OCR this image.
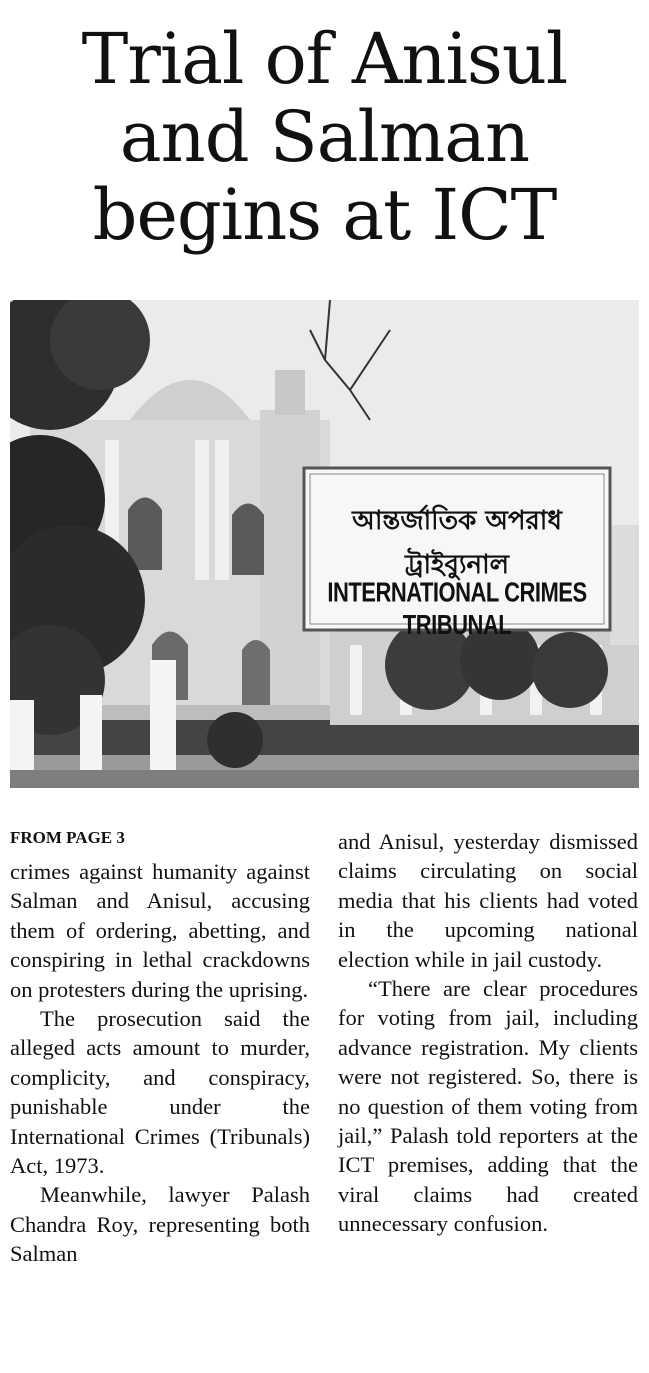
Trial of Anisul
and Salman
begins at ICT
আন্তর্জাতিক অপরাধ ট্রাইব্যুনাল
INTERNATIONAL CRIMES TRIBUNAL
FROM PAGE 3

crimes against humanity against Salman and Anisul, accusing them of ordering, abetting, and conspiring in lethal crackdowns on protesters during the uprising.

The prosecution said the alleged acts amount to murder, complicity, and conspiracy, punishable under the International Crimes (Tribunals) Act, 1973.

Meanwhile, lawyer Palash Chandra Roy, representing both Salman

and Anisul, yesterday dismissed claims circulating on social media that his clients had voted in the upcoming national election while in jail custody.

“There are clear procedures for voting from jail, including advance registration. My clients were not registered. So, there is no question of them voting from jail,” Palash told reporters at the ICT premises, adding that the viral claims had created unnecessary confusion.
